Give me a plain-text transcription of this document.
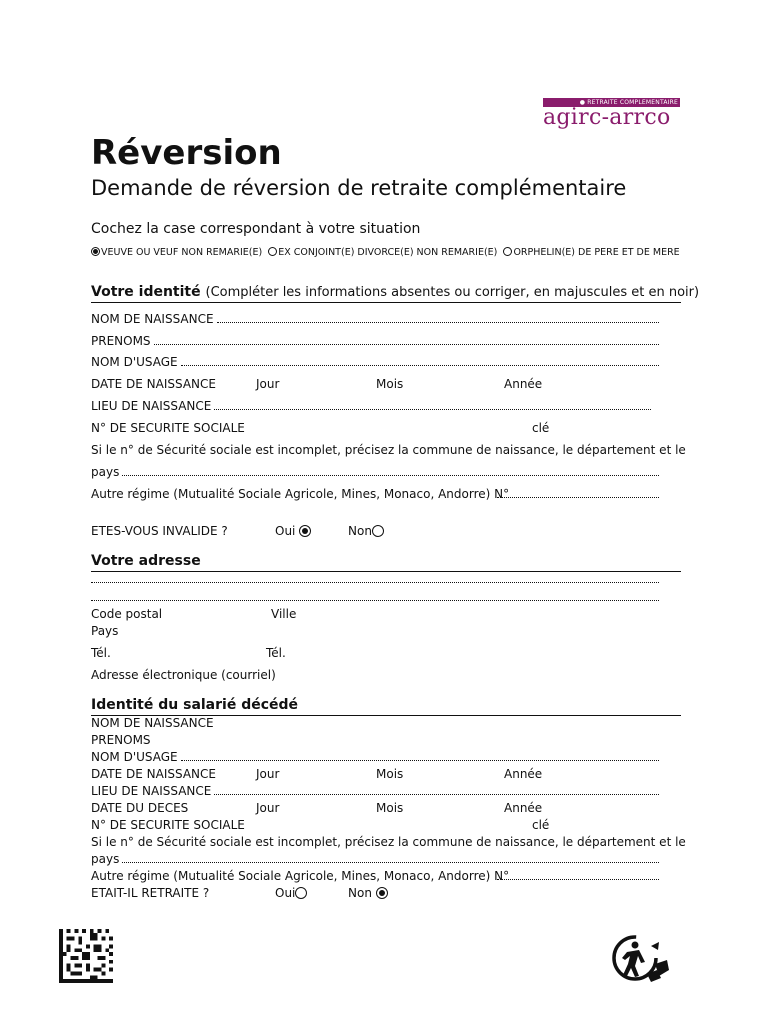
● RETRAITE COMPLEMENTAIRE
agirc-arrco
Réversion
Demande de réversion de retraite complémentaire
Cochez la case correspondant à votre situation
VEUVE OU VEUF NON REMARIE(E) EX CONJOINT(E) DIVORCE(E) NON REMARIE(E) ORPHELIN(E) DE PERE ET DE MERE
Votre identité (Compléter les informations absentes ou corriger, en majuscules et en noir)
NOM DE NAISSANCE
PRENOMS
NOM D'USAGE
DATE DE NAISSANCE	Jour	Mois	Année
LIEU DE NAISSANCE
N° DE SECURITE SOCIALE	clé
Si le n° de Sécurité sociale est incomplet, précisez la commune de naissance, le département et le
pays
Autre régime (Mutualité Sociale Agricole, Mines, Monaco, Andorre) N°
ETES-VOUS INVALIDE ?	Oui	Non
Votre adresse
Code postal	Ville
Pays
Tél.	Tél.
Adresse électronique (courriel)
Identité du salarié décédé
NOM DE NAISSANCE
PRENOMS
NOM D'USAGE
DATE DE NAISSANCE	Jour	Mois	Année
LIEU DE NAISSANCE
DATE DU DECES	Jour	Mois	Année
N° DE SECURITE SOCIALE	clé
Si le n° de Sécurité sociale est incomplet, précisez la commune de naissance, le département et le
pays
Autre régime (Mutualité Sociale Agricole, Mines, Monaco, Andorre) N°
ETAIT-IL RETRAITE ?	Oui	Non
